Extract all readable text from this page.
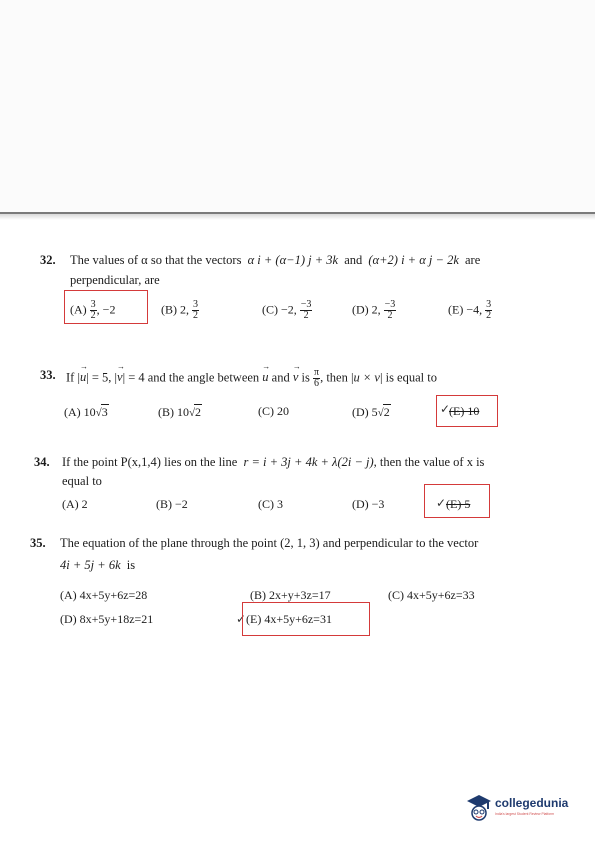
32. The values of α so that the vectors α i + (α−1) j + 3k and (α+2) i + α j − 2k are
perpendicular, are
$(A) \frac{3}{2}$ , −2	(B) 2, $\frac{3}{2}$	(C) −2, $\frac{-3}{2}$	(D) 2, $\frac{-3}{2}$	(E) −4, $\frac{3}{2}$
33. If |→ u| = 5, |→ v| = 4 and the angle between → u and → v is $\frac{\pi}{6}$ , then |u × v| is equal to
(A) 10√3	(B) 10√2	(C) 20	(D) 5√2	✓
(E) 10
34. If the point P(x,1,4) lies on the line r = i + 3j + 4k + λ(2i − j), then the value of x is
equal to
(A) 2	(B) −2	(C) 3	(D) −3	✓ (E) 5
35. The equation of the plane through the point (2, 1, 3) and perpendicular to the vector
4i + 5j + 6k is
(A) 4x+5y+6z=28	(B) 2x+y+3z=17	(C) 4x+5y+6z=33
(D) 8x+5y+18z=21	✓ (E) 4x+5y+6z=31
collegedunia
India's largest Student Review Platform
